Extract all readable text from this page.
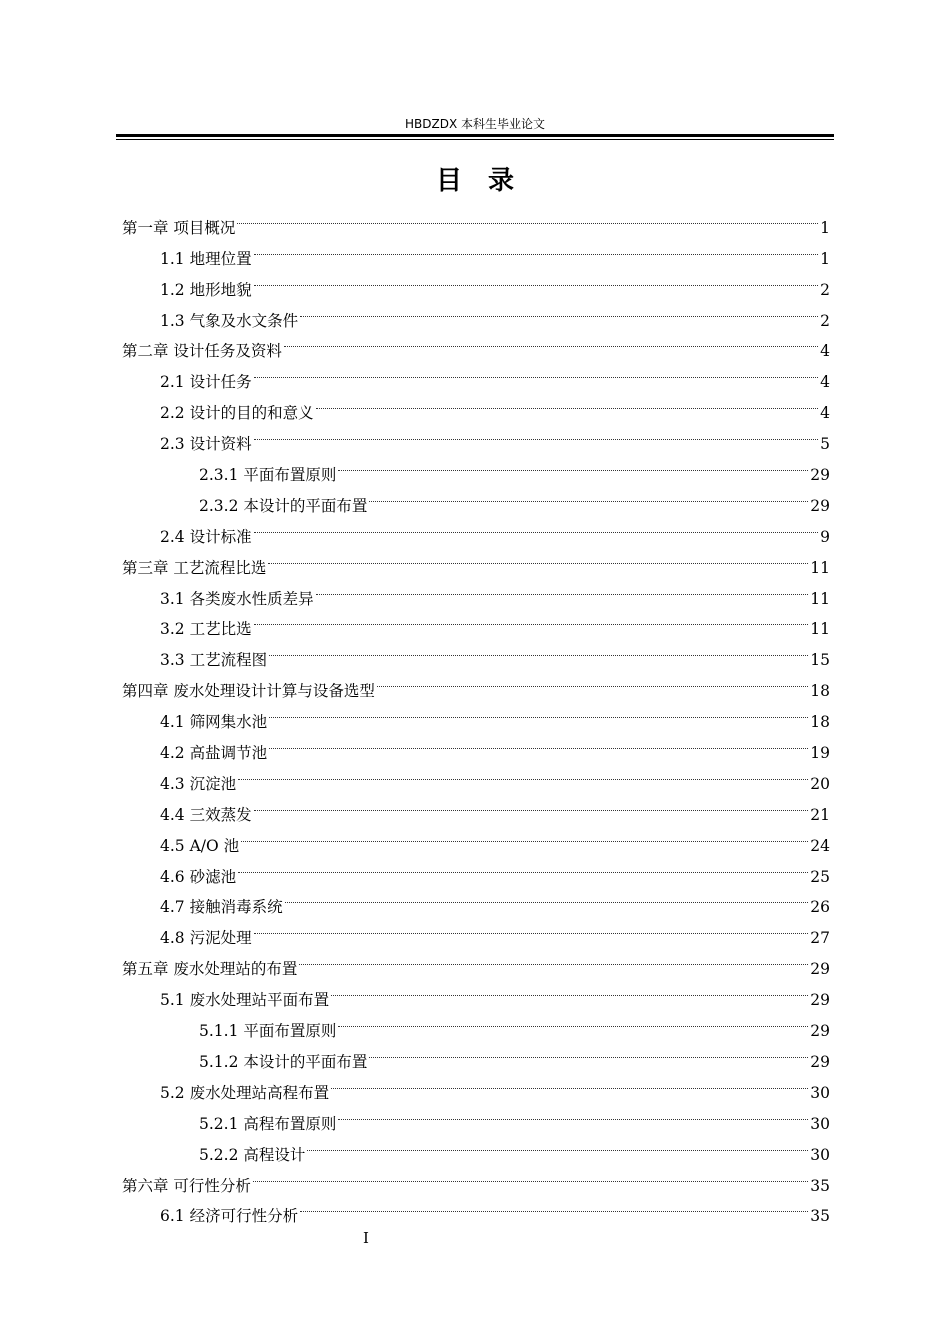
HBDZDX 本科生毕业论文
目录
第一章 项目概况	1
1.1 地理位置	1
1.2 地形地貌	2
1.3 气象及水文条件	2
第二章 设计任务及资料	4
2.1 设计任务	4
2.2 设计的目的和意义	4
2.3 设计资料	5
2.3.1 平面布置原则	29
2.3.2 本设计的平面布置	29
2.4 设计标准	9
第三章 工艺流程比选	11
3.1 各类废水性质差异	11
3.2 工艺比选	11
3.3 工艺流程图	15
第四章 废水处理设计计算与设备选型	18
4.1 筛网集水池	18
4.2 高盐调节池	19
4.3 沉淀池	20
4.4 三效蒸发	21
4.5 A/O 池	24
4.6 砂滤池	25
4.7 接触消毒系统	26
4.8 污泥处理	27
第五章 废水处理站的布置	29
5.1 废水处理站平面布置	29
5.1.1 平面布置原则	29
5.1.2 本设计的平面布置	29
5.2 废水处理站高程布置	30
5.2.1 高程布置原则	30
5.2.2 高程设计	30
第六章 可行性分析	35
6.1 经济可行性分析	35
I
